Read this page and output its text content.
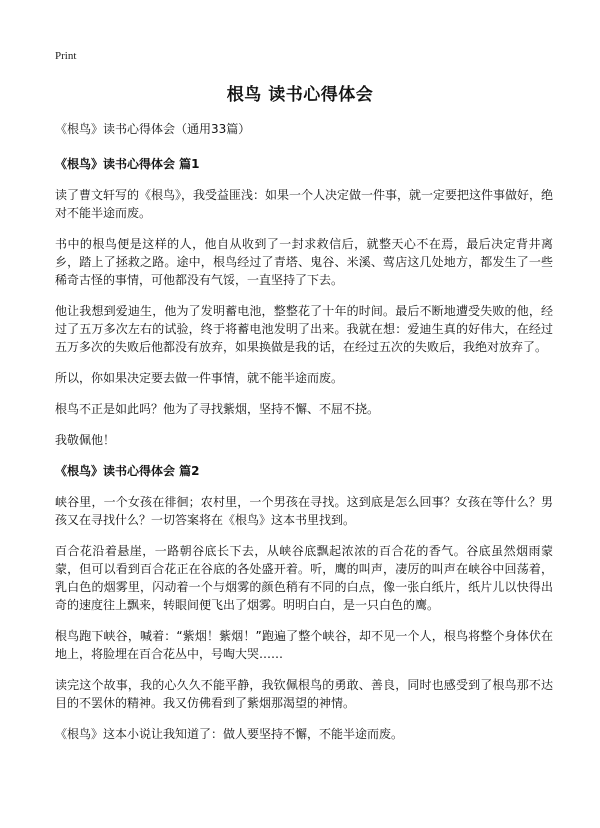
Print
根鸟 读书心得体会

《根鸟》读书心得体会（通用33篇）

《根鸟》读书心得体会 篇1

读了曹文轩写的《根鸟》，我受益匪浅：如果一个人决定做一件事，就一定要把这件事做好，绝对不能半途而废。

书中的根鸟便是这样的人，他自从收到了一封求救信后，就整天心不在焉，最后决定背井离乡，踏上了拯救之路。途中，根鸟经过了青塔、鬼谷、米溪、莺店这几处地方，都发生了一些稀奇古怪的事情，可他都没有气馁，一直坚持了下去。

他让我想到爱迪生，他为了发明蓄电池，整整花了十年的时间。最后不断地遭受失败的他，经过了五万多次左右的试验，终于将蓄电池发明了出来。我就在想：爱迪生真的好伟大，在经过五万多次的失败后他都没有放弃，如果换做是我的话，在经过五次的失败后，我绝对放弃了。

所以，你如果决定要去做一件事情，就不能半途而废。

根鸟不正是如此吗？他为了寻找紫烟，坚持不懈、不屈不挠。

我敬佩他！

《根鸟》读书心得体会 篇2

峡谷里，一个女孩在徘徊；农村里，一个男孩在寻找。这到底是怎么回事？女孩在等什么？男孩又在寻找什么？一切答案将在《根鸟》这本书里找到。

百合花沿着悬崖，一路朝谷底长下去，从峡谷底飘起浓浓的百合花的香气。谷底虽然烟雨蒙蒙，但可以看到百合花正在谷底的各处盛开着。听，鹰的叫声，凄厉的叫声在峡谷中回荡着，乳白色的烟雾里，闪动着一个与烟雾的颜色稍有不同的白点，像一张白纸片，纸片儿以快得出奇的速度往上飘来，转眼间便飞出了烟雾。明明白白，是一只白色的鹰。

根鸟跑下峡谷，喊着：“紫烟！紫烟！”跑遍了整个峡谷，却不见一个人，根鸟将整个身体伏在地上，将脸埋在百合花丛中，号啕大哭……

读完这个故事，我的心久久不能平静，我钦佩根鸟的勇敢、善良，同时也感受到了根鸟那不达目的不罢休的精神。我又仿佛看到了紫烟那渴望的神情。

《根鸟》这本小说让我知道了：做人要坚持不懈，不能半途而废。
